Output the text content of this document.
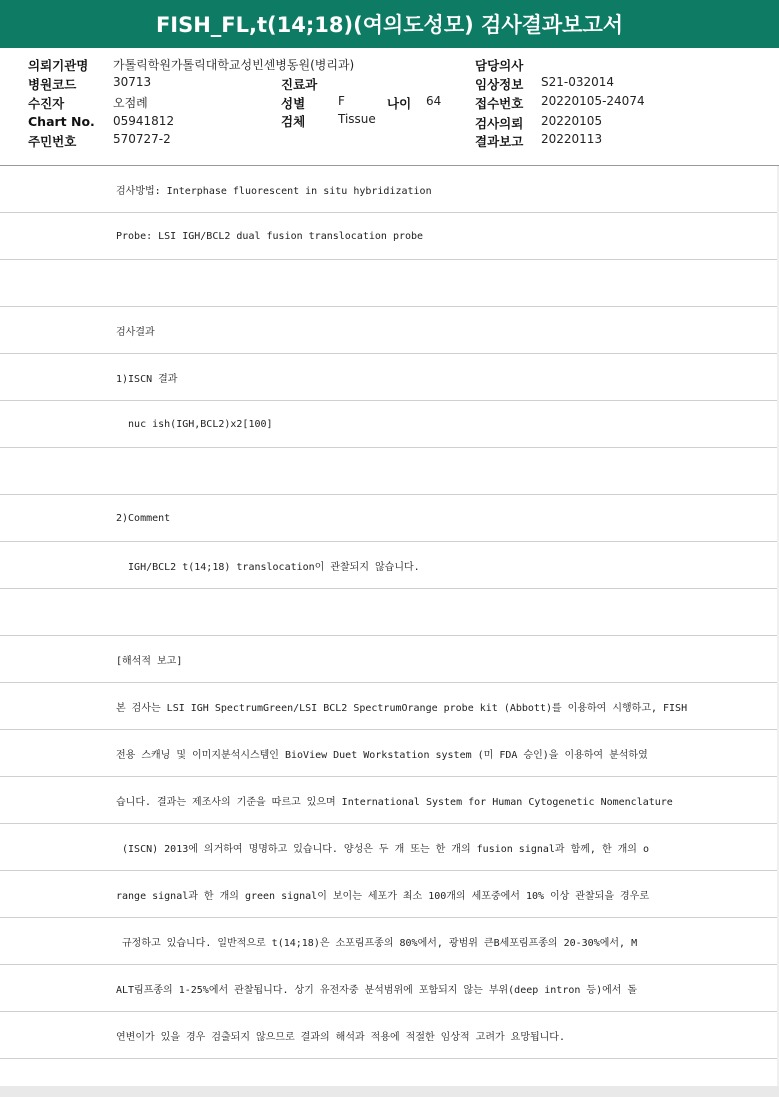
FISH_FL,t(14;18)(여의도성모) 검사결과보고서
의뢰기관명 가톨릭학원가톨릭대학교성빈센병동원(병리과)	담당의사
병원코드	30713	진료과	임상정보 S21-032014
수진자	오점례	성별	F	나이 64	접수번호 20220105-24074
Chart No. 05941812	검체	Tissue	검사의뢰 20220105
주민번호	570727-2	결과보고 20220113
검사방법: Interphase fluorescent in situ hybridization
Probe: LSI IGH/BCL2 dual fusion translocation probe
검사결과
1)ISCN 결과
nuc ish(IGH,BCL2)x2[100]
2)Comment
IGH/BCL2 t(14;18) translocation이 관찰되지 않습니다.
[해석적 보고]
본 검사는 LSI IGH SpectrumGreen/LSI BCL2 SpectrumOrange probe kit (Abbott)를 이용하여 시행하고, FISH
전용 스캐닝 및 이미지분석시스템인 BioView Duet Workstation system (미 FDA 승인)을 이용하여 분석하였
습니다. 결과는 제조사의 기준을 따르고 있으며 International System for Human Cytogenetic Nomenclature
(ISCN) 2013에 의거하여 명명하고 있습니다. 양성은 두 개 또는 한 개의 fusion signal과 함께, 한 개의 o
range signal과 한 개의 green signal이 보이는 세포가 최소 100개의 세포중에서 10% 이상 관찰되을 경우로
규정하고 있습니다. 일반적으로 t(14;18)은 소포림프종의 80%에서, 광범위 큰B세포림프종의 20-30%에서, M
ALT림프종의 1-25%에서 관찰됩니다. 상기 유전자중 분석범위에 포함되지 않는 부위(deep intron 등)에서 돌
연변이가 있을 경우 검출되지 않으므로 결과의 해석과 적용에 적절한 임상적 고려가 요망됩니다.
